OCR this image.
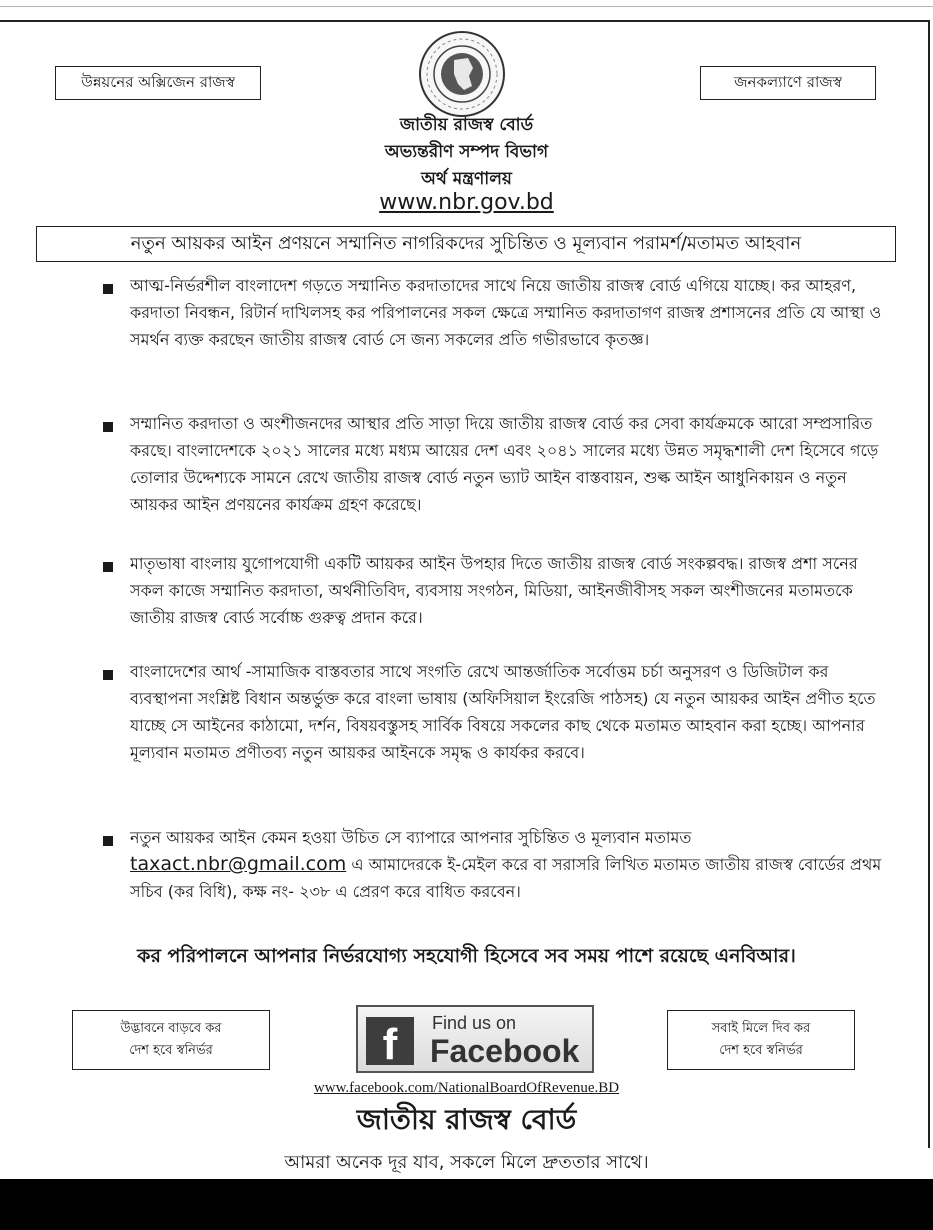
উন্নয়নের অক্সিজেন রাজস্ব	জনকল্যাণে রাজস্ব
জাতীয় রাজস্ব বোর্ড
অভ্যন্তরীণ সম্পদ বিভাগ
অর্থ মন্ত্রণালয়
www.nbr.gov.bd
নতুন আয়কর আইন প্রণয়নে সম্মানিত নাগরিকদের সুচিন্তিত ও মূল্যবান পরামর্শ/মতামত আহবান
আত্ম-নির্ভরশীল বাংলাদেশ গড়তে সম্মানিত করদাতাদের সাথে নিয়ে জাতীয় রাজস্ব বোর্ড এগিয়ে যাচ্ছে। কর আহরণ, করদাতা নিবন্ধন, রিটার্ন দাখিলসহ কর পরিপালনের সকল ক্ষেত্রে সম্মানিত করদাতাগণ রাজস্ব প্রশাসনের প্রতি যে আস্থা ও সমর্থন ব্যক্ত করছেন জাতীয় রাজস্ব বোর্ড সে জন্য সকলের প্রতি গভীরভাবে কৃতজ্ঞ।
সম্মানিত করদাতা ও অংশীজনদের আস্থার প্রতি সাড়া দিয়ে জাতীয় রাজস্ব বোর্ড কর সেবা কার্যক্রমকে আরো সম্প্রসারিত করছে। বাংলাদেশকে ২০২১ সালের মধ্যে মধ্যম আয়ের দেশ এবং ২০৪১ সালের মধ্যে উন্নত সমৃদ্ধশালী দেশ হিসেবে গড়ে তোলার উদ্দেশ্যকে সামনে রেখে জাতীয় রাজস্ব বোর্ড নতুন ভ্যাট আইন বাস্তবায়ন, শুল্ক আইন আধুনিকায়ন ও নতুন আয়কর আইন প্রণয়নের কার্যক্রম গ্রহণ করেছে।
মাতৃভাষা বাংলায় যুগোপযোগী একটি আয়কর আইন উপহার দিতে জাতীয় রাজস্ব বোর্ড সংকল্পবদ্ধ। রাজস্ব প্রশা সনের সকল কাজে সম্মানিত করদাতা, অর্থনীতিবিদ, ব্যবসায় সংগঠন, মিডিয়া, আইনজীবীসহ সকল অংশীজনের মতামতকে জাতীয় রাজস্ব বোর্ড সর্বোচ্চ গুরুত্ব প্রদান করে।
বাংলাদেশের আর্থ -সামাজিক বাস্তবতার সাথে সংগতি রেখে আন্তর্জাতিক সর্বোত্তম চর্চা অনুসরণ ও ডিজিটাল কর ব্যবস্থাপনা সংশ্লিষ্ট বিধান অন্তর্ভুক্ত করে বাংলা ভাষায় (অফিসিয়াল ইংরেজি পাঠসহ) যে নতুন আয়কর আইন প্রণীত হতে যাচ্ছে সে আইনের কাঠামো, দর্শন, বিষয়বস্তুসহ সার্বিক বিষয়ে সকলের কাছ থেকে মতামত আহবান করা হচ্ছে। আপনার মূল্যবান মতামত প্রণীতব্য নতুন আয়কর আইনকে সমৃদ্ধ ও কার্যকর করবে।
নতুন আয়কর আইন কেমন হওয়া উচিত সে ব্যাপারে আপনার সুচিন্তিত ও মূল্যবান মতামত taxact.nbr@gmail.com এ আমাদেরকে ই-মেইল করে বা সরাসরি লিখিত মতামত জাতীয় রাজস্ব বোর্ডের প্রথম সচিব (কর বিধি), কক্ষ নং- ২৩৮ এ প্রেরণ করে বাধিত করবেন।
কর পরিপালনে আপনার নির্ভরযোগ্য সহযোগী হিসেবে সব সময় পাশে রয়েছে এনবিআর।
উদ্ভাবনে বাড়বে কর
দেশ হবে স্বনির্ভর	f	Find us on
Facebook
সবাই মিলে দিব কর
দেশ হবে স্বনির্ভর
www.facebook.com/NationalBoardOfRevenue.BD
জাতীয় রাজস্ব বোর্ড
আমরা অনেক দূর যাব, সকলে মিলে দ্রুততার সাথে।
